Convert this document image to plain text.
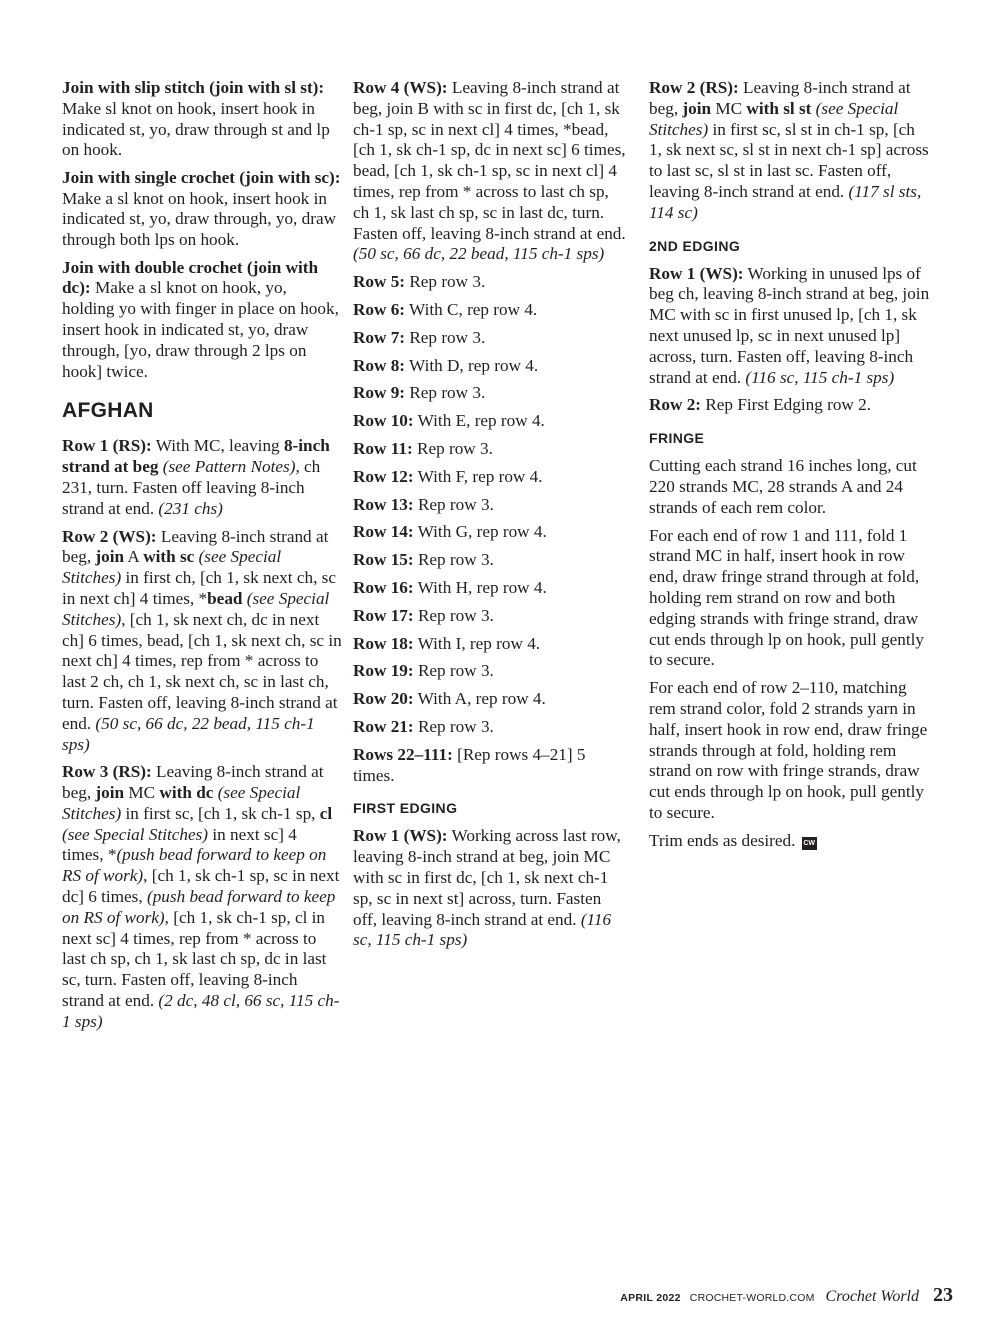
Join with slip stitch (join with sl st): Make sl knot on hook, insert hook in indicated st, yo, draw through st and lp on hook.

Join with single crochet (join with sc): Make a sl knot on hook, insert hook in indicated st, yo, draw through, yo, draw through both lps on hook.

Join with double crochet (join with dc): Make a sl knot on hook, yo, holding yo with finger in place on hook, insert hook in indicated st, yo, draw through, [yo, draw through 2 lps on hook] twice.

AFGHAN

Row 1 (RS): With MC, leaving 8-inch strand at beg (see Pattern Notes), ch 231, turn. Fasten off leaving 8-inch strand at end. (231 chs)

Row 2 (WS): Leaving 8-inch strand at beg, join A with sc (see Special Stitches) in first ch, [ch 1, sk next ch, sc in next ch] 4 times, *bead (see Special Stitches), [ch 1, sk next ch, dc in next ch] 6 times, bead, [ch 1, sk next ch, sc in next ch] 4 times, rep from * across to last 2 ch, ch 1, sk next ch, sc in last ch, turn. Fasten off, leaving 8-inch strand at end. (50 sc, 66 dc, 22 bead, 115 ch-1 sps)

Row 3 (RS): Leaving 8-inch strand at beg, join MC with dc (see Special Stitches) in first sc, [ch 1, sk ch-1 sp, cl (see Special Stitches) in next sc] 4 times, *(push bead forward to keep on RS of work), [ch 1, sk ch-1 sp, sc in next dc] 6 times, (push bead forward to keep on RS of work), [ch 1, sk ch-1 sp, cl in next sc] 4 times, rep from * across to last ch sp, ch 1, sk last ch sp, dc in last sc, turn. Fasten off, leaving 8-inch strand at end. (2 dc, 48 cl, 66 sc, 115 ch-1 sps)

Row 4 (WS): Leaving 8-inch strand at beg, join B with sc in first dc, [ch 1, sk ch-1 sp, sc in next cl] 4 times, *bead, [ch 1, sk ch-1 sp, dc in next sc] 6 times, bead, [ch 1, sk ch-1 sp, sc in next cl] 4 times, rep from * across to last ch sp, ch 1, sk last ch sp, sc in last dc, turn. Fasten off, leaving 8-inch strand at end. (50 sc, 66 dc, 22 bead, 115 ch-1 sps)

Row 5: Rep row 3.

Row 6: With C, rep row 4.

Row 7: Rep row 3.

Row 8: With D, rep row 4.

Row 9: Rep row 3.

Row 10: With E, rep row 4.

Row 11: Rep row 3.

Row 12: With F, rep row 4.

Row 13: Rep row 3.

Row 14: With G, rep row 4.

Row 15: Rep row 3.

Row 16: With H, rep row 4.

Row 17: Rep row 3.

Row 18: With I, rep row 4.

Row 19: Rep row 3.

Row 20: With A, rep row 4.

Row 21: Rep row 3.

Rows 22–111: [Rep rows 4–21] 5 times.

FIRST EDGING

Row 1 (WS): Working across last row, leaving 8-inch strand at beg, join MC with sc in first dc, [ch 1, sk next ch-1 sp, sc in next st] across, turn. Fasten off, leaving 8-inch strand at end. (116 sc, 115 ch-1 sps)

Row 2 (RS): Leaving 8-inch strand at beg, join MC with sl st (see Special Stitches) in first sc, sl st in ch-1 sp, [ch 1, sk next sc, sl st in next ch-1 sp] across to last sc, sl st in last sc. Fasten off, leaving 8-inch strand at end. (117 sl sts, 114 sc)

2ND EDGING

Row 1 (WS): Working in unused lps of beg ch, leaving 8-inch strand at beg, join MC with sc in first unused lp, [ch 1, sk next unused lp, sc in next unused lp] across, turn. Fasten off, leaving 8-inch strand at end. (116 sc, 115 ch-1 sps)

Row 2: Rep First Edging row 2.

FRINGE

Cutting each strand 16 inches long, cut 220 strands MC, 28 strands A and 24 strands of each rem color.

For each end of row 1 and 111, fold 1 strand MC in half, insert hook in row end, draw fringe strand through at fold, holding rem strand on row and both edging strands with fringe strand, draw cut ends through lp on hook, pull gently to secure.

For each end of row 2–110, matching rem strand color, fold 2 strands yarn in half, insert hook in row end, draw fringe strands through at fold, holding rem strand on row with fringe strands, draw cut ends through lp on hook, pull gently to secure.

Trim ends as desired. CW

APRIL 2022 CROCHET-WORLD.COM Crochet World 23
